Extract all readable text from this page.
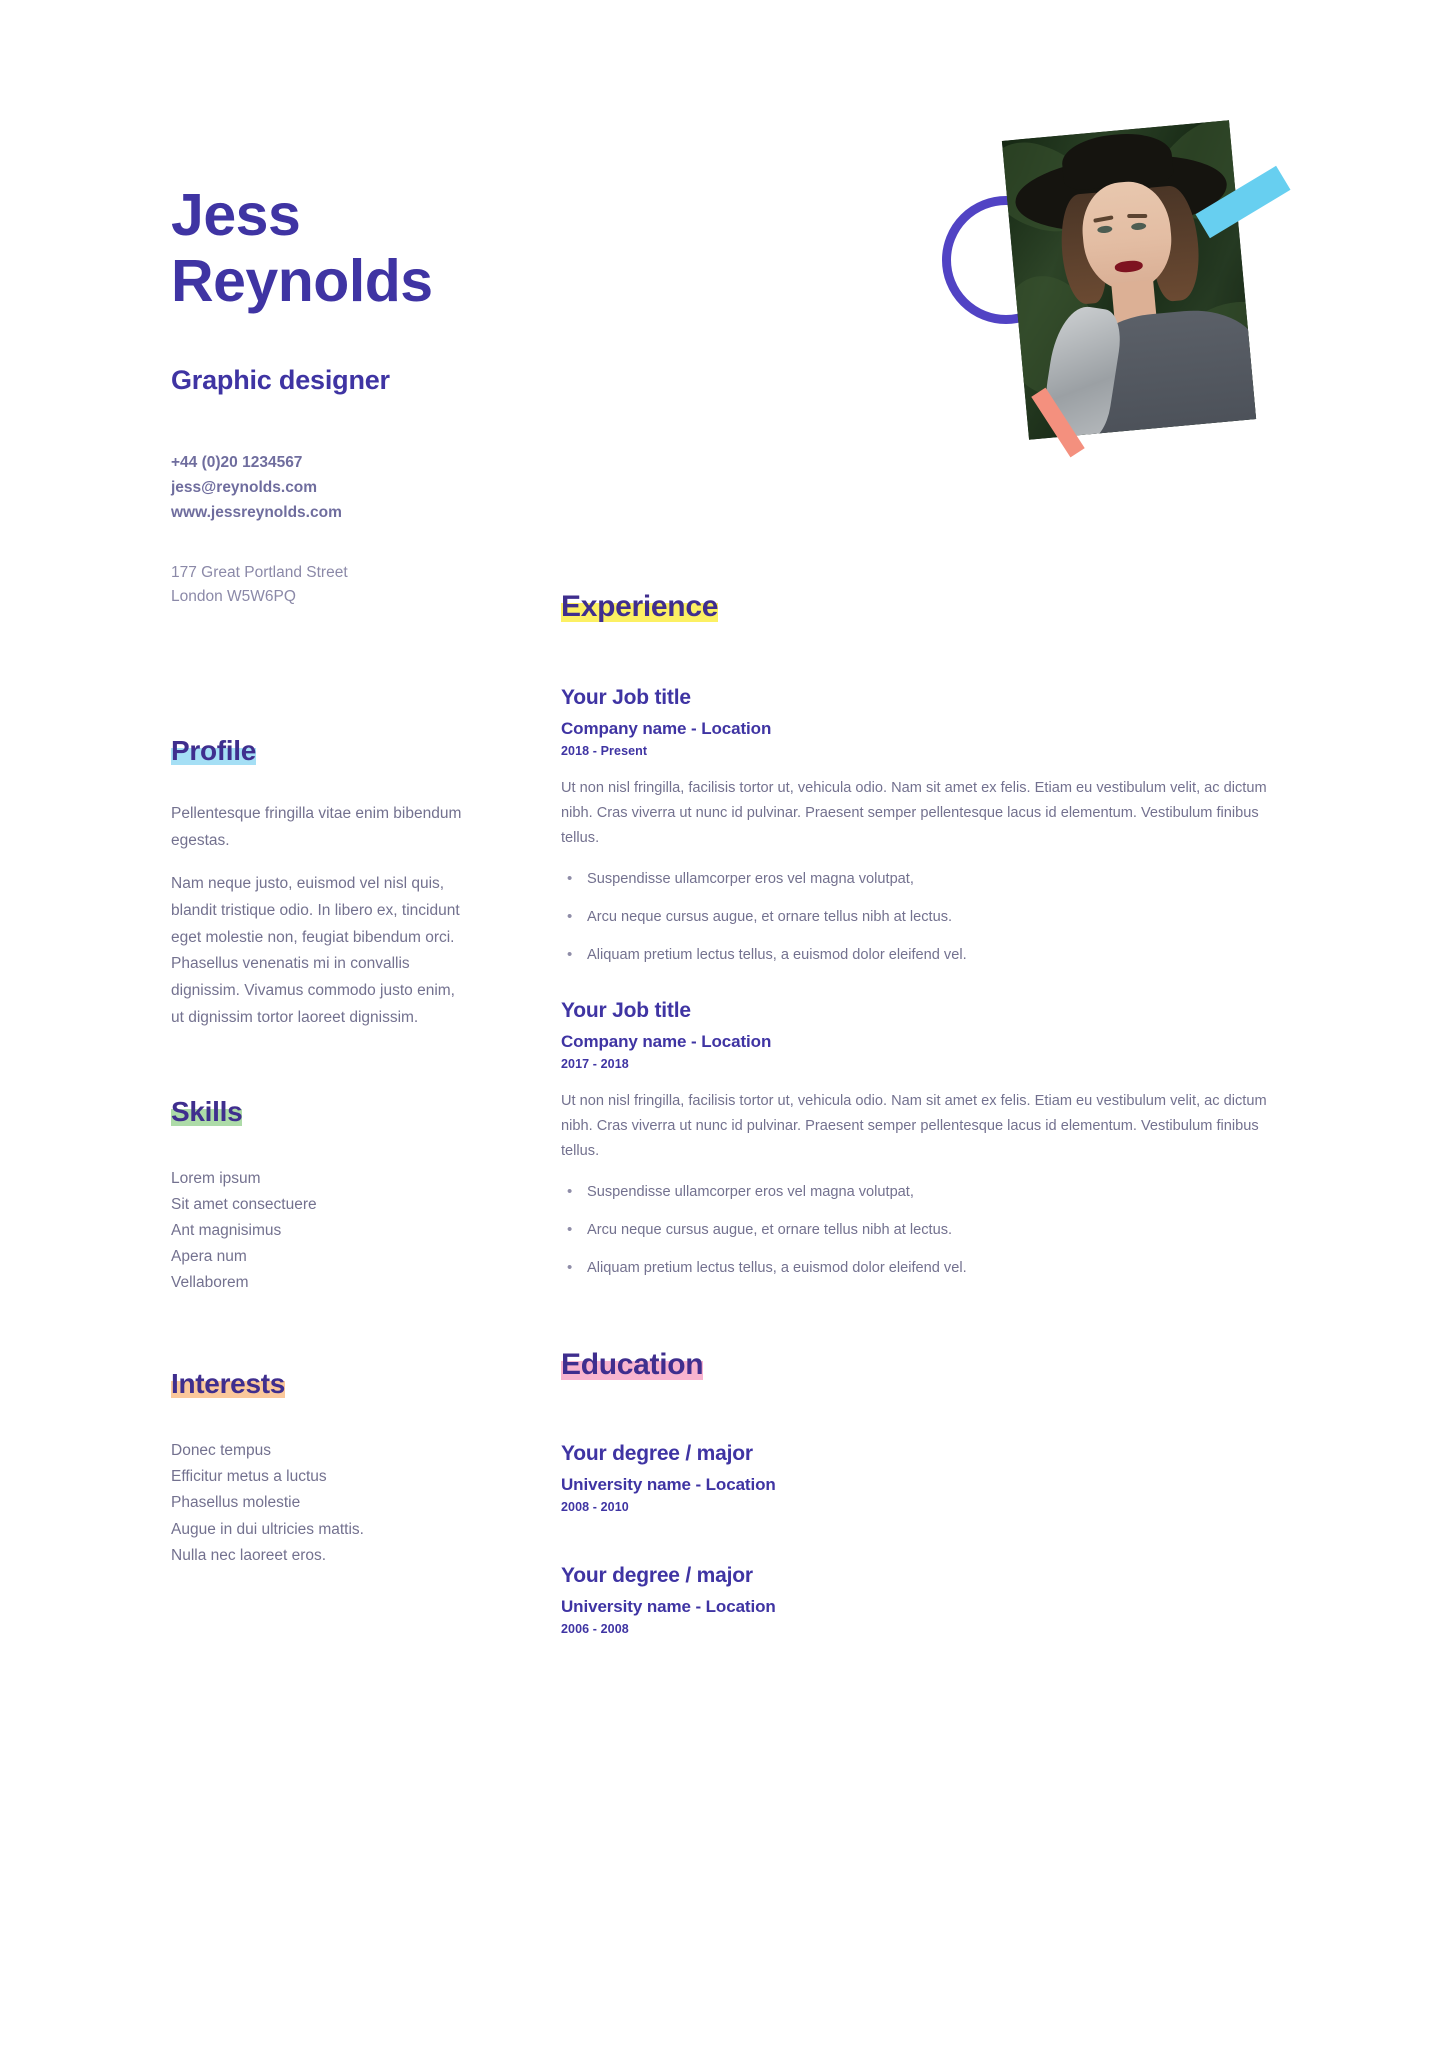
Jess
Reynolds
Graphic designer
+44 (0)20 1234567
jess@reynolds.com
www.jessreynolds.com
177 Great Portland Street
London W5W6PQ
Profile

Pellentesque fringilla vitae enim bibendum egestas.

Nam neque justo, euismod vel nisl quis, blandit tristique odio. In libero ex, tincidunt eget molestie non, feugiat bibendum orci. Phasellus venenatis mi in convallis dignissim. Vivamus commodo justo enim, ut dignissim tortor laoreet dignissim.

Skills
Lorem ipsum
Sit amet consectuere
Ant magnisimus
Apera num
Vellaborem
Interests
Donec tempus
Efficitur metus a luctus
Phasellus molestie
Augue in dui ultricies mattis.
Nulla nec laoreet eros.
Experience
Your Job title
Company name - Location
2018 - Present
Ut non nisl fringilla, facilisis tortor ut, vehicula odio. Nam sit amet ex felis. Etiam eu vestibulum velit, ac dictum nibh. Cras viverra ut nunc id pulvinar. Praesent semper pellentesque lacus id elementum. Vestibulum finibus tellus.
• Suspendisse ullamcorper eros vel magna volutpat,
• Arcu neque cursus augue, et ornare tellus nibh at lectus.
• Aliquam pretium lectus tellus, a euismod dolor eleifend vel.
Your Job title
Company name - Location
2017 - 2018
Ut non nisl fringilla, facilisis tortor ut, vehicula odio. Nam sit amet ex felis. Etiam eu vestibulum velit, ac dictum nibh. Cras viverra ut nunc id pulvinar. Praesent semper pellentesque lacus id elementum. Vestibulum finibus tellus.
• Suspendisse ullamcorper eros vel magna volutpat,
• Arcu neque cursus augue, et ornare tellus nibh at lectus.
• Aliquam pretium lectus tellus, a euismod dolor eleifend vel.
Education
Your degree / major
University name - Location
2008 - 2010
Your degree / major
University name - Location
2006 - 2008
